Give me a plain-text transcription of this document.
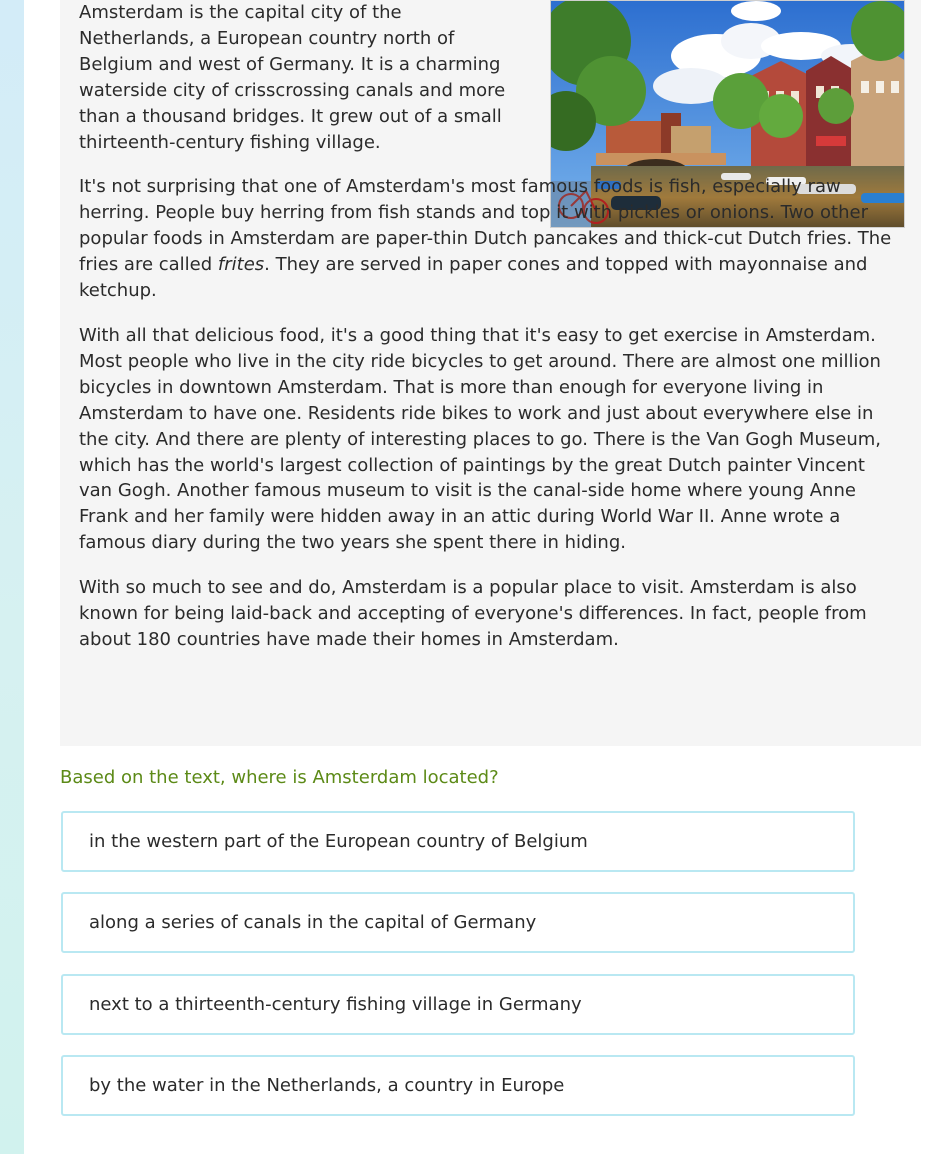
Amsterdam is the capital city of the Netherlands, a European country north of Belgium and west of Germany. It is a charming waterside city of crisscrossing canals and more than a thousand bridges. It grew out of a small thirteenth-century fishing village.

It's not surprising that one of Amsterdam's most famous foods is fish, especially raw herring. People buy herring from fish stands and top it with pickles or onions. Two other popular foods in Amsterdam are paper-thin Dutch pancakes and thick-cut Dutch fries. The fries are called frites. They are served in paper cones and topped with mayonnaise and ketchup.

With all that delicious food, it's a good thing that it's easy to get exercise in Amsterdam. Most people who live in the city ride bicycles to get around. There are almost one million bicycles in downtown Amsterdam. That is more than enough for everyone living in Amsterdam to have one. Residents ride bikes to work and just about everywhere else in the city. And there are plenty of interesting places to go. There is the Van Gogh Museum, which has the world's largest collection of paintings by the great Dutch painter Vincent van Gogh. Another famous museum to visit is the canal-side home where young Anne Frank and her family were hidden away in an attic during World War II. Anne wrote a famous diary during the two years she spent there in hiding.

With so much to see and do, Amsterdam is a popular place to visit. Amsterdam is also known for being laid-back and accepting of everyone's differences. In fact, people from about 180 countries have made their homes in Amsterdam.

Based on the text, where is Amsterdam located?
in the western part of the European country of Belgium
along a series of canals in the capital of Germany
next to a thirteenth-century fishing village in Germany
by the water in the Netherlands, a country in Europe
